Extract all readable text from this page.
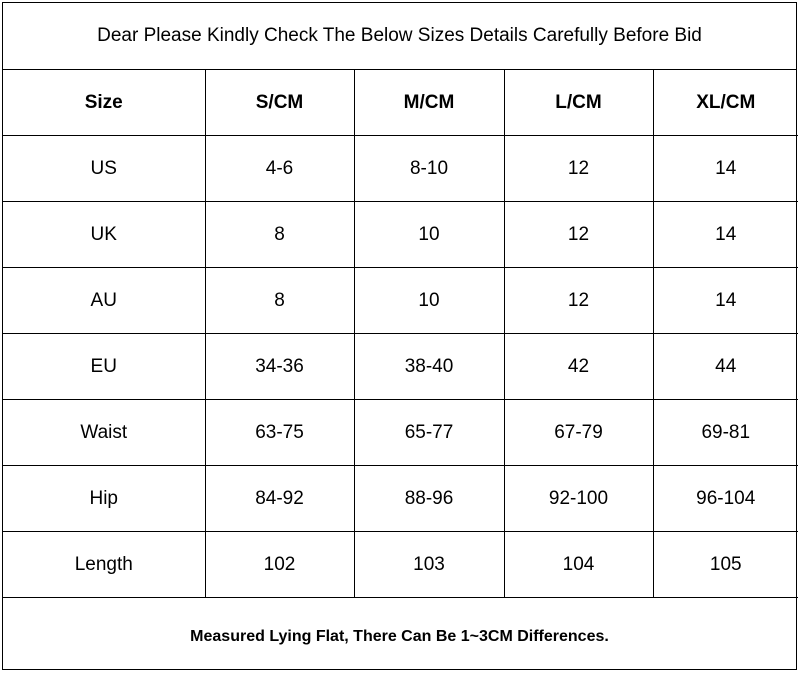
Dear Please Kindly Check The Below Sizes Details Carefully Before Bid
Size	S/CM	M/CM	L/CM	XL/CM
US	4-6	8-10	12	14
UK	8	10	12	14
AU	8	10	12	14
EU	34-36	38-40	42	44
Waist	63-75	65-77	67-79	69-81
Hip	84-92	88-96	92-100	96-104
Length	102	103	104	105
Measured Lying Flat, There Can Be 1~3CM Differences.
